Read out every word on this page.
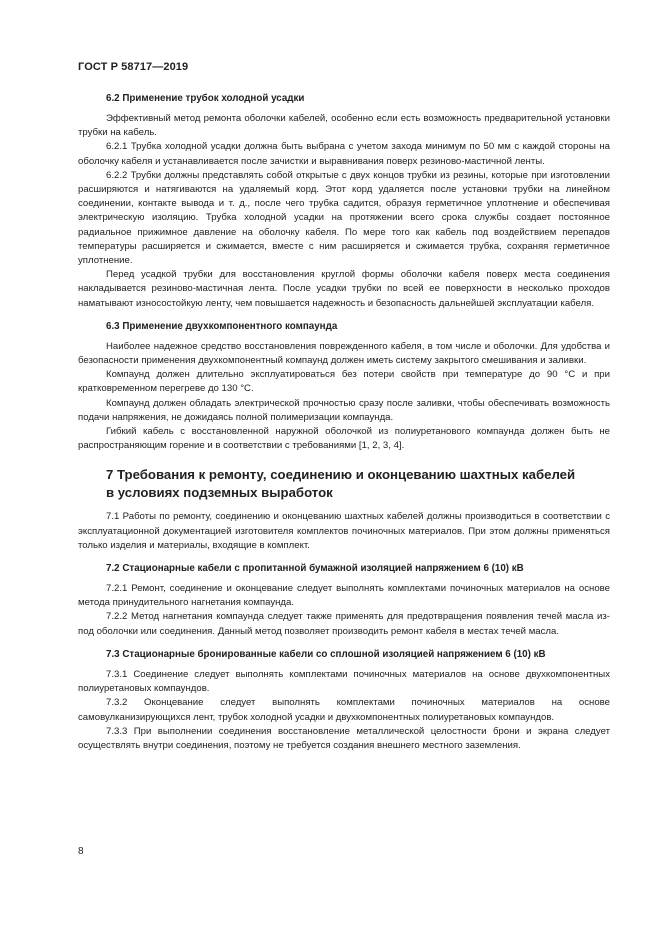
ГОСТ Р 58717—2019
6.2 Применение трубок холодной усадки

Эффективный метод ремонта оболочки кабелей, особенно если есть возможность предварительной установки трубки на кабель.

6.2.1 Трубка холодной усадки должна быть выбрана с учетом захода минимум по 50 мм с каждой стороны на оболочку кабеля и устанавливается после зачистки и выравнивания поверх резиново-мастичной ленты.

6.2.2 Трубки должны представлять собой открытые с двух концов трубки из резины, которые при изготовлении расширяются и натягиваются на удаляемый корд. Этот корд удаляется после установки трубки на линейном соединении, контакте вывода и т. д., после чего трубка садится, образуя герметичное уплотнение и обеспечивая электрическую изоляцию. Трубка холодной усадки на протяжении всего срока службы создает постоянное радиальное прижимное давление на оболочку кабеля. По мере того как кабель под воздействием перепадов температуры расширяется и сжимается, вместе с ним расширяется и сжимается трубка, сохраняя герметичное уплотнение.

Перед усадкой трубки для восстановления круглой формы оболочки кабеля поверх места соединения накладывается резиново-мастичная лента. После усадки трубки по всей ее поверхности в несколько проходов наматывают износостойкую ленту, чем повышается надежность и безопасность дальнейшей эксплуатации кабеля.

6.3 Применение двухкомпонентного компаунда

Наиболее надежное средство восстановления поврежденного кабеля, в том числе и оболочки. Для удобства и безопасности применения двухкомпонентный компаунд должен иметь систему закрытого смешивания и заливки.

Компаунд должен длительно эксплуатироваться без потери свойств при температуре до 90 °С и при кратковременном перегреве до 130 °С.

Компаунд должен обладать электрической прочностью сразу после заливки, чтобы обеспечивать возможность подачи напряжения, не дожидаясь полной полимеризации компаунда.

Гибкий кабель с восстановленной наружной оболочкой из полиуретанового компаунда должен быть не распространяющим горение и в соответствии с требованиями [1, 2, 3, 4].

7 Требования к ремонту, соединению и оконцеванию шахтных кабелей
в условиях подземных выработок

7.1 Работы по ремонту, соединению и оконцеванию шахтных кабелей должны производиться в соответствии с эксплуатационной документацией изготовителя комплектов починочных материалов. При этом должны применяться только изделия и материалы, входящие в комплект.

7.2 Стационарные кабели с пропитанной бумажной изоляцией напряжением 6 (10) кВ

7.2.1 Ремонт, соединение и оконцевание следует выполнять комплектами починочных материалов на основе метода принудительного нагнетания компаунда.

7.2.2 Метод нагнетания компаунда следует также применять для предотвращения появления течей масла из-под оболочки или соединения. Данный метод позволяет производить ремонт кабеля в местах течей масла.

7.3 Стационарные бронированные кабели со сплошной изоляцией напряжением 6 (10) кВ

7.3.1 Соединение следует выполнять комплектами починочных материалов на основе двухкомпонентных полиуретановых компаундов.

7.3.2 Оконцевание следует выполнять комплектами починочных материалов на основе самовулканизирующихся лент, трубок холодной усадки и двухкомпонентных полиуретановых компаундов.

7.3.3 При выполнении соединения восстановление металлической целостности брони и экрана следует осуществлять внутри соединения, поэтому не требуется создания внешнего местного заземления.

8
